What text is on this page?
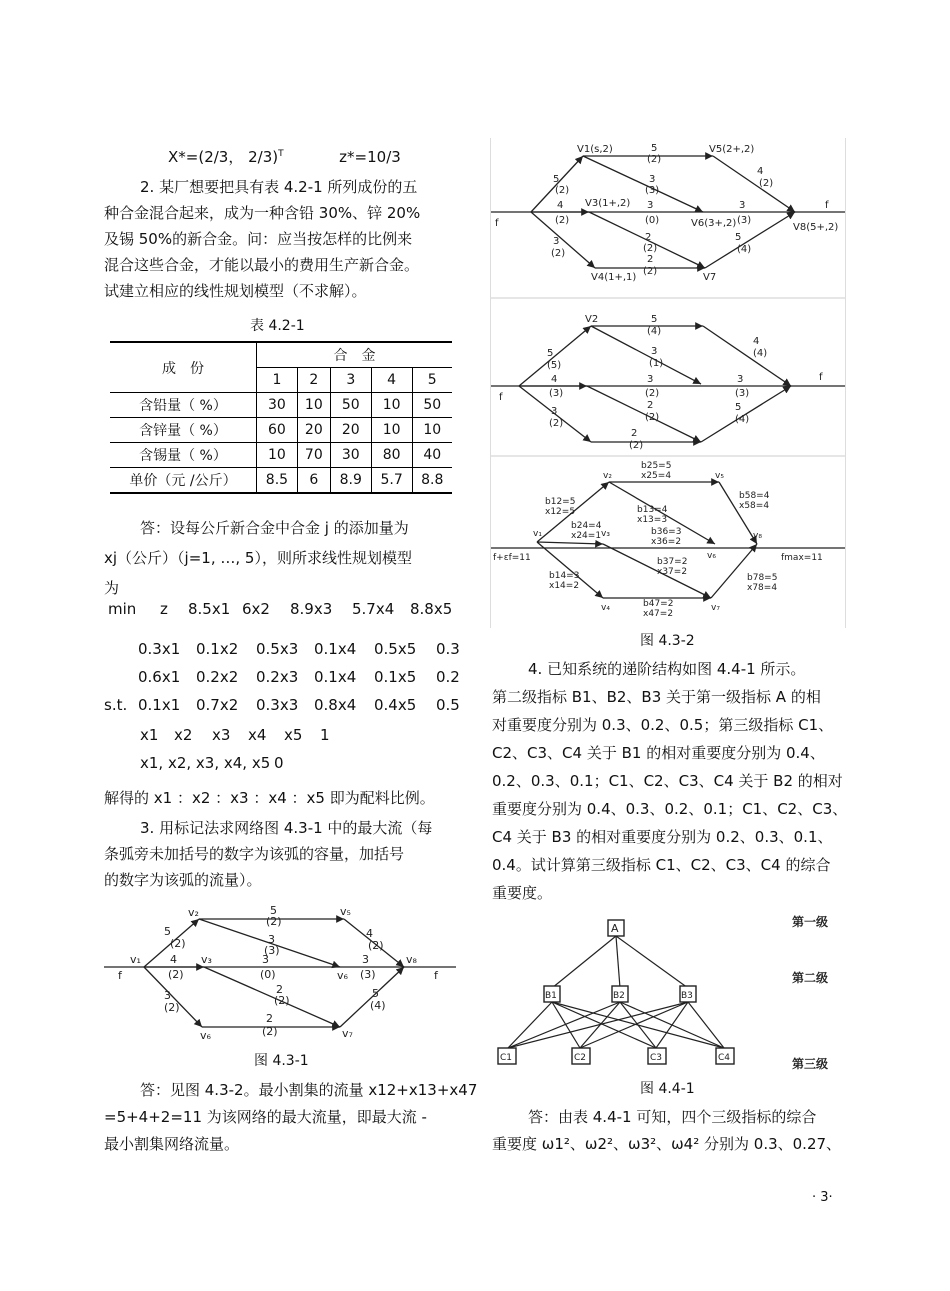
X*=(2/3， 2/3)$^T$	z*=10/3
2. 某厂想要把具有表 4.2-1 所列成份的五
种合金混合起来，成为一种含铅 30%、锌 20%
及锡 50%的新合金。问：应当按怎样的比例来
混合这些合金，才能以最小的费用生产新合金。
试建立相应的线性规划模型（不求解）。
表 4.2-1
成　份	合　金				
	1	2	3	4	5
含铅量（ %）	30	10	50	10	50
含锌量（ %）	60	20	20	10	10
含锡量（ %）	10	70	30	80	40
单价（元 /公斤）	8.5	6	8.9	5.7	8.8
答：设每公斤新合金中合金 j 的添加量为
xj（公斤）（j=1, …, 5），则所求线性规划模型
为
min z 8.5x1 6x2 8.9x3 5.7x4 8.8x5
0.3x1 0.1x2 0.5x3 0.1x4 0.5x5 0.3
0.6x1 0.2x2 0.2x3 0.1x4 0.1x5 0.2
s.t. 0.1x1 0.7x2 0.3x3 0.8x4 0.4x5 0.5
x1 x2 x3 x4 x5 1
x1, x2, x3, x4, x5 0
解得的 x1 ：x2 ：x3 ：x4 ：x5 即为配料比例。
3. 用标记法求网络图 4.3-1 中的最大流（每
条弧旁未加括号的数字为该弧的容量，加括号
的数字为该弧的流量）。
v₂	v₅
v₁	v₃
v₆
v₈
v₆	v₇
f	f
5
(2)
3
(3)
5
(2)
4
(2)
3
(0)
2
(2)
3
(2)
2
(2)
4
(2)
3
(3)
5
(4)
图 4.3-1
答：见图 4.3-2。最小割集的流量 x12+x13+x47
=5+4+2=11 为该网络的最大流量，即最大流 -
最小割集网络流量。
V1(s,2)	V5(2+,2)
V3(1+,2)
V6(3+,2)	V8(5+,2)
V4(1+,1)	V7
f
f
5
(2)
3
(3)
5
(2)
4
(2)
3
(0)
2
(2)
3
(2)
2
(2)
4
(2)
3
(3)
5
(4)
V2
f
f
5
(4)
3
(1)
5
(5)
4
(3)
3
(2)
2
(2)
3
(2)
2
(2)
4
(4)
3
(3)
5
(4)
v₂	v₅
v₁	v₃
v₆
v₈
v₄	v₇
f+εf=11	fmax=11
b12=5
x12=5
b25=5
x25=4
b24=4
x24=1
b13=4
x13=3
b36=3
x36=2
b58=4
x58=4
b37=2
x37=2
b14=3
x14=2
b47=2
x47=2
b78=5
x78=4
图 4.3-2
4. 已知系统的递阶结构如图 4.4-1 所示。
第二级指标 B1、B2、B3 关于第一级指标 A 的相
对重要度分别为 0.3、0.2、0.5；第三级指标 C1、
C2、C3、C4 关于 B1 的相对重要度分别为 0.4、
0.2、0.3、0.1；C1、C2、C3、C4 关于 B2 的相对
重要度分别为 0.4、0.3、0.2、0.1；C1、C2、C3、
C4 关于 B3 的相对重要度分别为 0.2、0.3、0.1、
0.4。试计算第三级指标 C1、C2、C3、C4 的综合
重要度。
A
B1	B2	B3
C1	C2	C3	C4
第一级
第二级
第三级
图 4.4-1
答：由表 4.4-1 可知，四个三级指标的综合
重要度 ω1²、ω2²、ω3²、ω4² 分别为 0.3、0.27、
· 3·
